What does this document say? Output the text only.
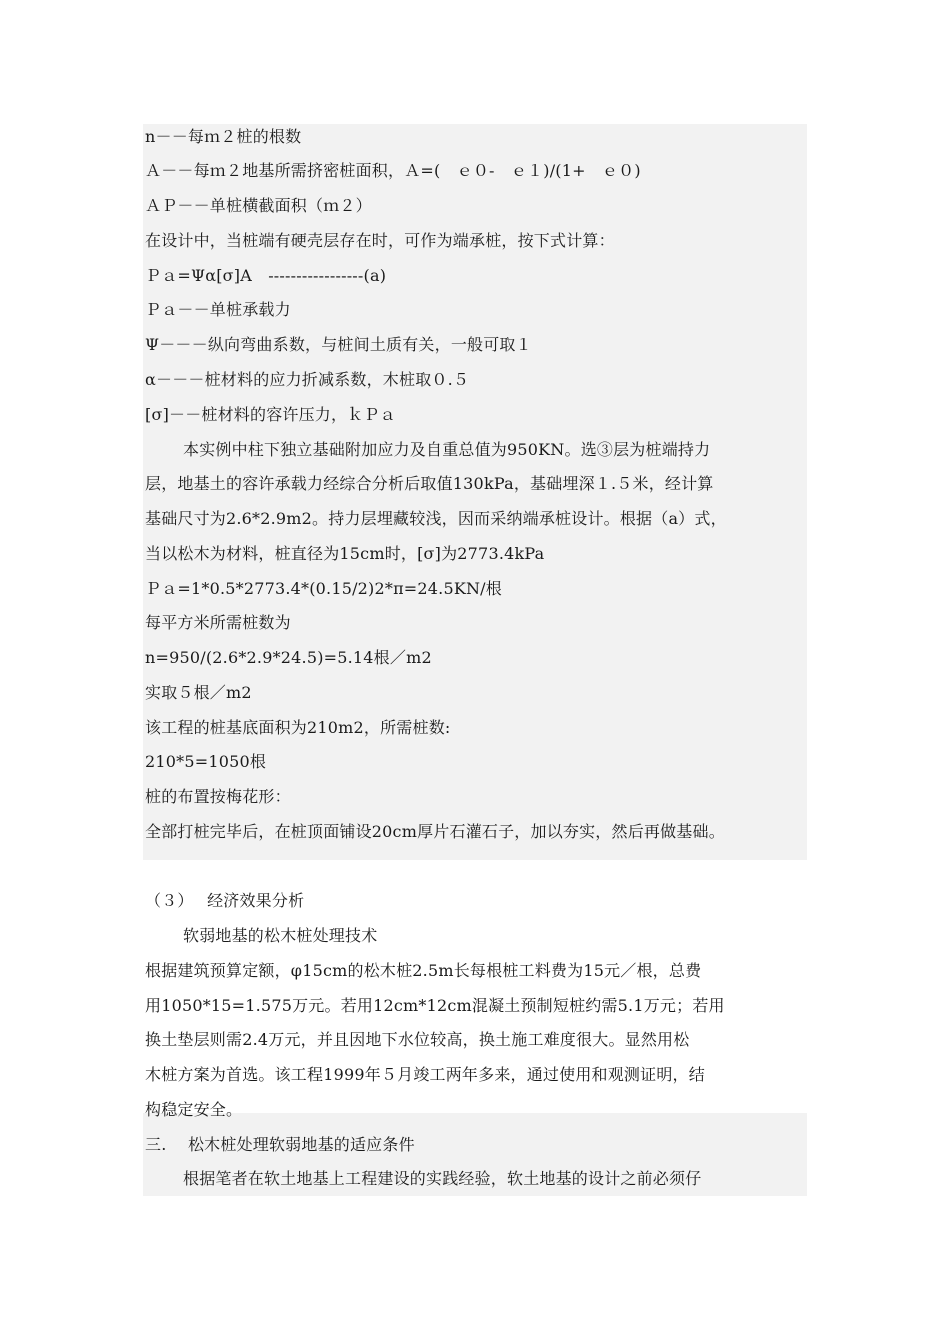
n－－每ｍ２桩的根数
Ａ－－每ｍ２地基所需挤密桩面积，Ａ=(　ｅ０-　ｅ１)/(1+　ｅ０)
ＡＰ－－单桩横截面积（ｍ２）
在设计中，当桩端有硬壳层存在时，可作为端承桩，按下式计算：
Ｐａ=Ψα[σ]A　-----------------(a)
Ｐａ－－单桩承载力
Ψ－－－纵向弯曲系数，与桩间土质有关，一般可取１
α－－－桩材料的应力折减系数，木桩取０.５
[σ]－－桩材料的容许压力，ｋＰａ
本实例中柱下独立基础附加应力及自重总值为950KN。选③层为桩端持力
层，地基土的容许承载力经综合分析后取值130kPa，基础埋深１.５米，经计算
基础尺寸为2.6*2.9m2。持力层埋藏较浅，因而采纳端承桩设计。根据（a）式，
当以松木为材料，桩直径为15cm时，[σ]为2773.4kPa
Ｐａ=1*0.5*2773.4*(0.15/2)2*π=24.5KN/根
每平方米所需桩数为
n=950/(2.6*2.9*24.5)=5.14根／m2
实取５根／m2
该工程的桩基底面积为210m2，所需桩数:
210*5=1050根
桩的布置按梅花形：
全部打桩完毕后，在桩顶面铺设20cm厚片石灌石子，加以夯实，然后再做基础。
（３）　 经济效果分析
软弱地基的松木桩处理技术
根据建筑预算定额，φ15cm的松木桩2.5m长每根桩工料费为15元／根，总费
用1050*15=1.575万元。若用12cm*12cm混凝土预制短桩约需5.1万元；若用
换土垫层则需2.4万元，并且因地下水位较高，换土施工难度很大。显然用松
木桩方案为首选。该工程1999年５月竣工两年多来，通过使用和观测证明，结
构稳定安全。
三.　 松木桩处理软弱地基的适应条件
根据笔者在软土地基上工程建设的实践经验，软土地基的设计之前必须仔
